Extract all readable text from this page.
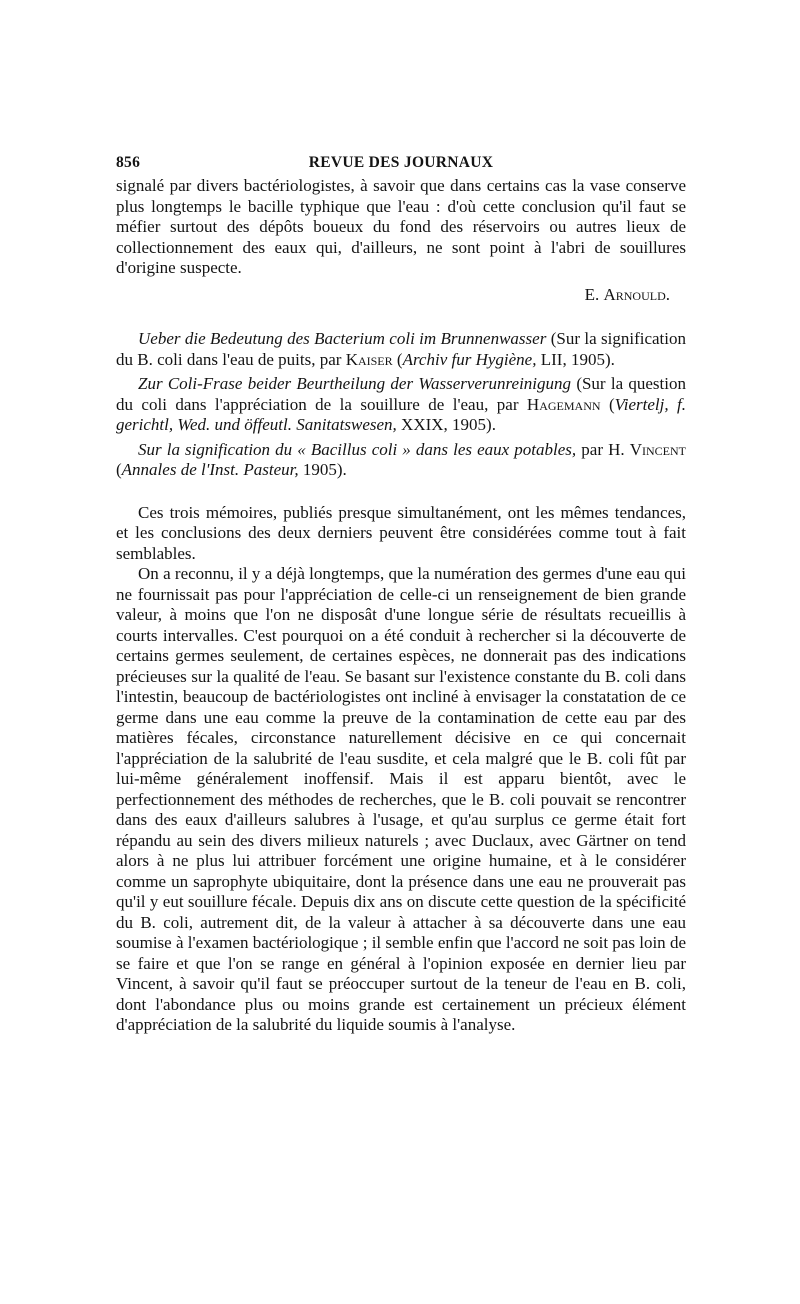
856	REVUE DES JOURNAUX

signalé par divers bactériologistes, à savoir que dans certains cas la vase conserve plus longtemps le bacille typhique que l'eau : d'où cette conclusion qu'il faut se méfier surtout des dépôts boueux du fond des réservoirs ou autres lieux de collectionnement des eaux qui, d'ailleurs, ne sont point à l'abri de souillures d'origine suspecte.

E. Arnould.

Ueber die Bedeutung des Bacterium coli im Brunnenwasser (Sur la signification du B. coli dans l'eau de puits, par Kaiser (Archiv fur Hygiène, LII, 1905).

Zur Coli-Frase beider Beurtheilung der Wasserverunreinigung (Sur la question du coli dans l'appréciation de la souillure de l'eau, par Hagemann (Viertelj, f. gerichtl, Wed. und öffeutl. Sanitatswesen, XXIX, 1905).

Sur la signification du « Bacillus coli » dans les eaux potables, par H. Vincent (Annales de l'Inst. Pasteur, 1905).

Ces trois mémoires, publiés presque simultanément, ont les mêmes tendances, et les conclusions des deux derniers peuvent être considérées comme tout à fait semblables.

On a reconnu, il y a déjà longtemps, que la numération des germes d'une eau qui ne fournissait pas pour l'appréciation de celle-ci un renseignement de bien grande valeur, à moins que l'on ne disposât d'une longue série de résultats recueillis à courts intervalles. C'est pourquoi on a été conduit à rechercher si la découverte de certains germes seulement, de certaines espèces, ne donnerait pas des indications précieuses sur la qualité de l'eau. Se basant sur l'existence constante du B. coli dans l'intestin, beaucoup de bactériologistes ont incliné à envisager la constatation de ce germe dans une eau comme la preuve de la contamination de cette eau par des matières fécales, circonstance naturellement décisive en ce qui concernait l'appréciation de la salubrité de l'eau susdite, et cela malgré que le B. coli fût par lui-même généralement inoffensif. Mais il est apparu bientôt, avec le perfectionnement des méthodes de recherches, que le B. coli pouvait se rencontrer dans des eaux d'ailleurs salubres à l'usage, et qu'au surplus ce germe était fort répandu au sein des divers milieux naturels ; avec Duclaux, avec Gärtner on tend alors à ne plus lui attribuer forcément une origine humaine, et à le considérer comme un saprophyte ubiquitaire, dont la présence dans une eau ne prouverait pas qu'il y eut souillure fécale. Depuis dix ans on discute cette question de la spécificité du B. coli, autrement dit, de la valeur à attacher à sa découverte dans une eau soumise à l'examen bactériologique ; il semble enfin que l'accord ne soit pas loin de se faire et que l'on se range en général à l'opinion exposée en dernier lieu par Vincent, à savoir qu'il faut se préoccuper surtout de la teneur de l'eau en B. coli, dont l'abondance plus ou moins grande est certainement un précieux élément d'appréciation de la salubrité du liquide soumis à l'analyse.
